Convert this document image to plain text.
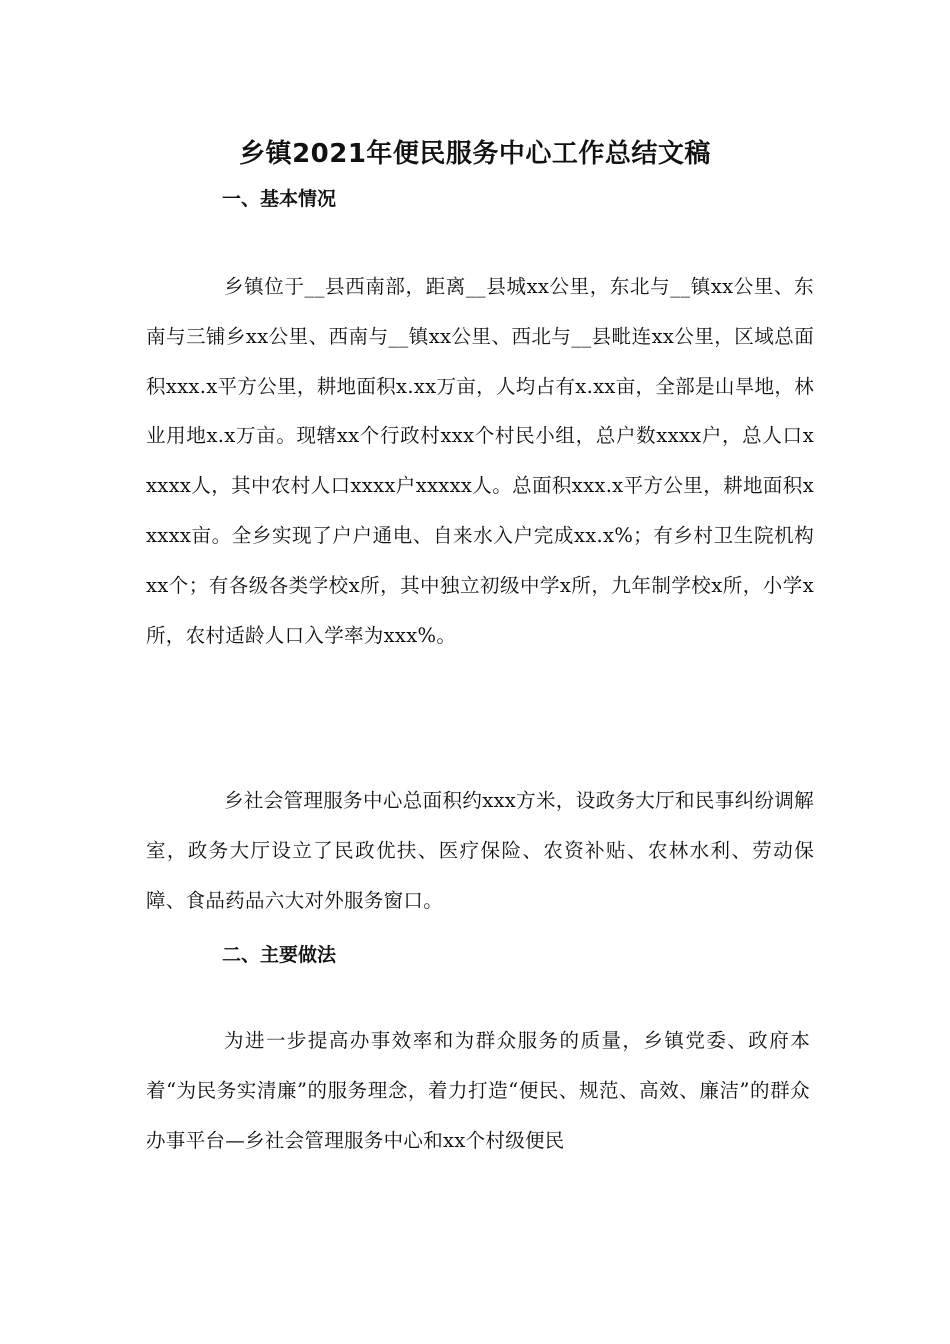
乡镇2021年便民服务中心工作总结文稿
一、基本情况

乡镇位于__县西南部，距离__县城xx公里，东北与__镇xx公里、东南与三铺乡xx公里、西南与__镇xx公里、西北与__县毗连xx公里，区域总面积xxx.x平方公里，耕地面积x.xx万亩，人均占有x.xx亩，全部是山旱地，林业用地x.x万亩。现辖xx个行政村xxx个村民小组，总户数xxxx户，总人口xxxxx人，其中农村人口xxxx户xxxxx人。总面积xxx.x平方公里，耕地面积xxxxx亩。全乡实现了户户通电、自来水入户完成xx.x%；有乡村卫生院机构xx个；有各级各类学校x所，其中独立初级中学x所，九年制学校x所，小学x所，农村适龄人口入学率为xxx%。

乡社会管理服务中心总面积约xxx方米，设政务大厅和民事纠纷调解室，政务大厅设立了民政优扶、医疗保险、农资补贴、农林水利、劳动保障、食品药品六大对外服务窗口。

二、主要做法

为进一步提高办事效率和为群众服务的质量，乡镇党委、政府本着“为民务实清廉”的服务理念，着力打造“便民、规范、高效、廉洁”的群众办事平台—乡社会管理服务中心和xx个村级便民
